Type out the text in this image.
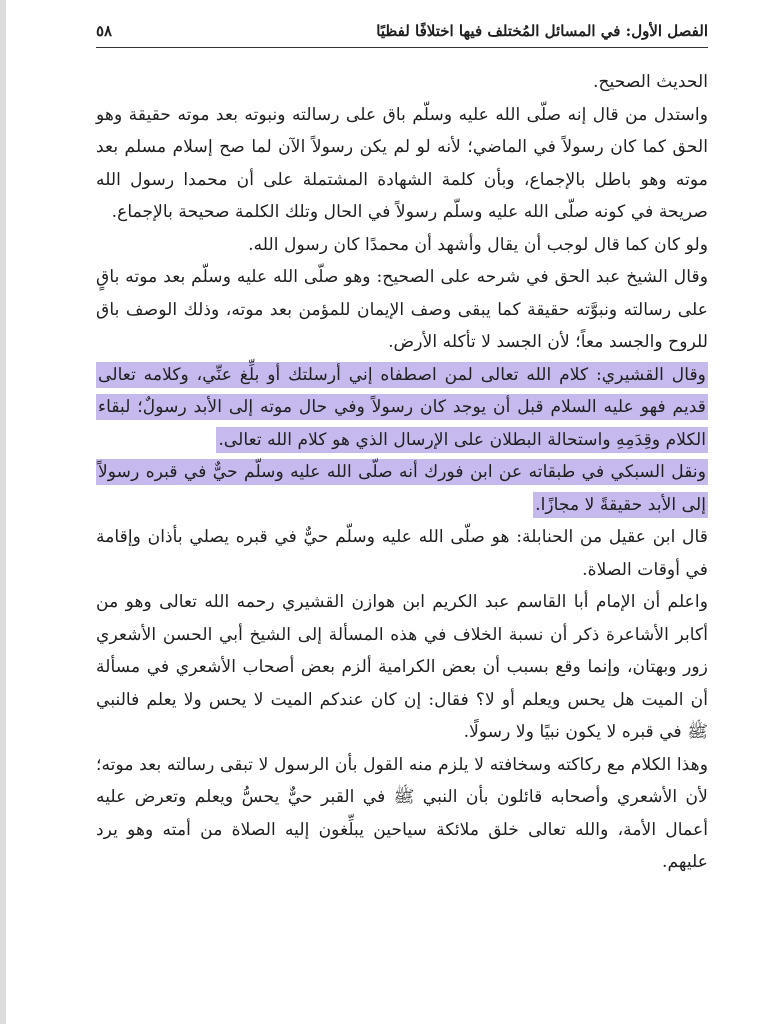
الفصل الأول: في المسائل المُختلف فيها اختلافًا لفظيًا
٥٨

الحديث الصحيح.

واستدل من قال إنه صلّى الله عليه وسلّم باق على رسالته ونبوته بعد موته حقيقة وهو الحق كما كان رسولاً في الماضي؛ لأنه لو لم يكن رسولاً الآن لما صح إسلام مسلم بعد موته وهو باطل بالإجماع، وبأن كلمة الشهادة المشتملة على أن محمدا رسول الله صريحة في كونه صلّى الله عليه وسلّم رسولاً في الحال وتلك الكلمة صحيحة بالإجماع.

ولو كان كما قال لوجب أن يقال وأشهد أن محمدًا كان رسول الله.

وقال الشيخ عبد الحق في شرحه على الصحيح: وهو صلّى الله عليه وسلّم بعد موته باقٍ على رسالته ونبوَّته حقيقة كما يبقى وصف الإيمان للمؤمن بعد موته، وذلك الوصف باق للروح والجسد معاً؛ لأن الجسد لا تأكله الأرض.

وقال القشيري: كلام الله تعالى لمن اصطفاه إني أرسلتك أو بلِّغ عنِّي، وكلامه تعالى قديم فهو عليه السلام قبل أن يوجد كان رسولاً وفي حال موته إلى الأبد رسولٌ؛ لبقاء الكلام وقِدَمِهِ واستحالة البطلان على الإرسال الذي هو كلام الله تعالى.

ونقل السبكي في طبقاته عن ابن فورك أنه صلّى الله عليه وسلّم حيٌّ في قبره رسولاً إلى الأبد حقيقةً لا مجازًا.

قال ابن عقيل من الحنابلة: هو صلّى الله عليه وسلّم حيٌّ في قبره يصلي بأذان وإقامة في أوقات الصلاة.

واعلم أن الإمام أبا القاسم عبد الكريم ابن هوازن القشيري رحمه الله تعالى وهو من أكابر الأشاعرة ذكر أن نسبة الخلاف في هذه المسألة إلى الشيخ أبي الحسن الأشعري زور وبهتان، وإنما وقع بسبب أن بعض الكرامية ألزم بعض أصحاب الأشعري في مسألة أن الميت هل يحس ويعلم أو لا؟ فقال: إن كان عندكم الميت لا يحس ولا يعلم فالنبي ﷺ في قبره لا يكون نبيًا ولا رسولًا.

وهذا الكلام مع ركاكته وسخافته لا يلزم منه القول بأن الرسول لا تبقى رسالته بعد موته؛ لأن الأشعري وأصحابه قائلون بأن النبي ﷺ في القبر حيٌّ يحسُّ ويعلم وتعرض عليه أعمال الأمة، والله تعالى خلق ملائكة سياحين يبلِّغون إليه الصلاة من أمته وهو يرد عليهم.
